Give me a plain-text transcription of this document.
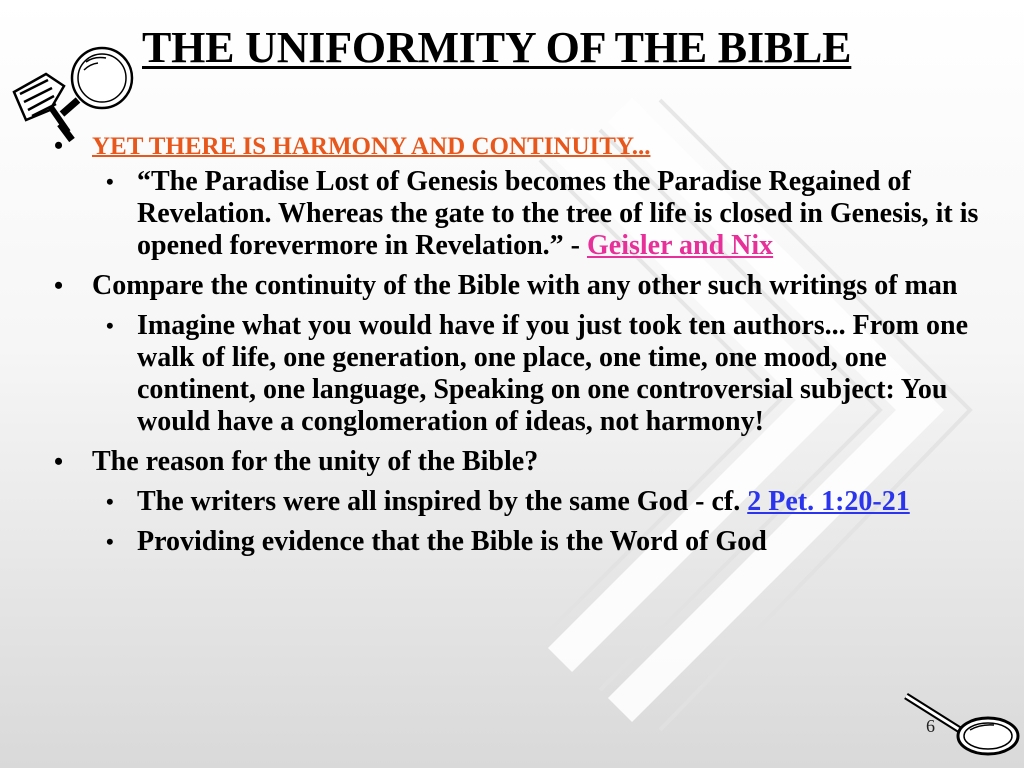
THE UNIFORMITY OF THE BIBLE
• YET THERE IS HARMONY AND CONTINUITY...
• “The Paradise Lost of Genesis becomes the Paradise Regained of Revelation. Whereas the gate to the tree of life is closed in Genesis, it is opened forevermore in Revelation.” - Geisler and Nix
• Compare the continuity of the Bible with any other such writings of man
• Imagine what you would have if you just took ten authors... From one walk of life, one generation, one place, one time, one mood, one continent, one language, Speaking on one controversial subject: You would have a conglomeration of ideas, not harmony!
• The reason for the unity of the Bible?
• The writers were all inspired by the same God - cf. 2 Pet. 1:20-21
• Providing evidence that the Bible is the Word of God
6
